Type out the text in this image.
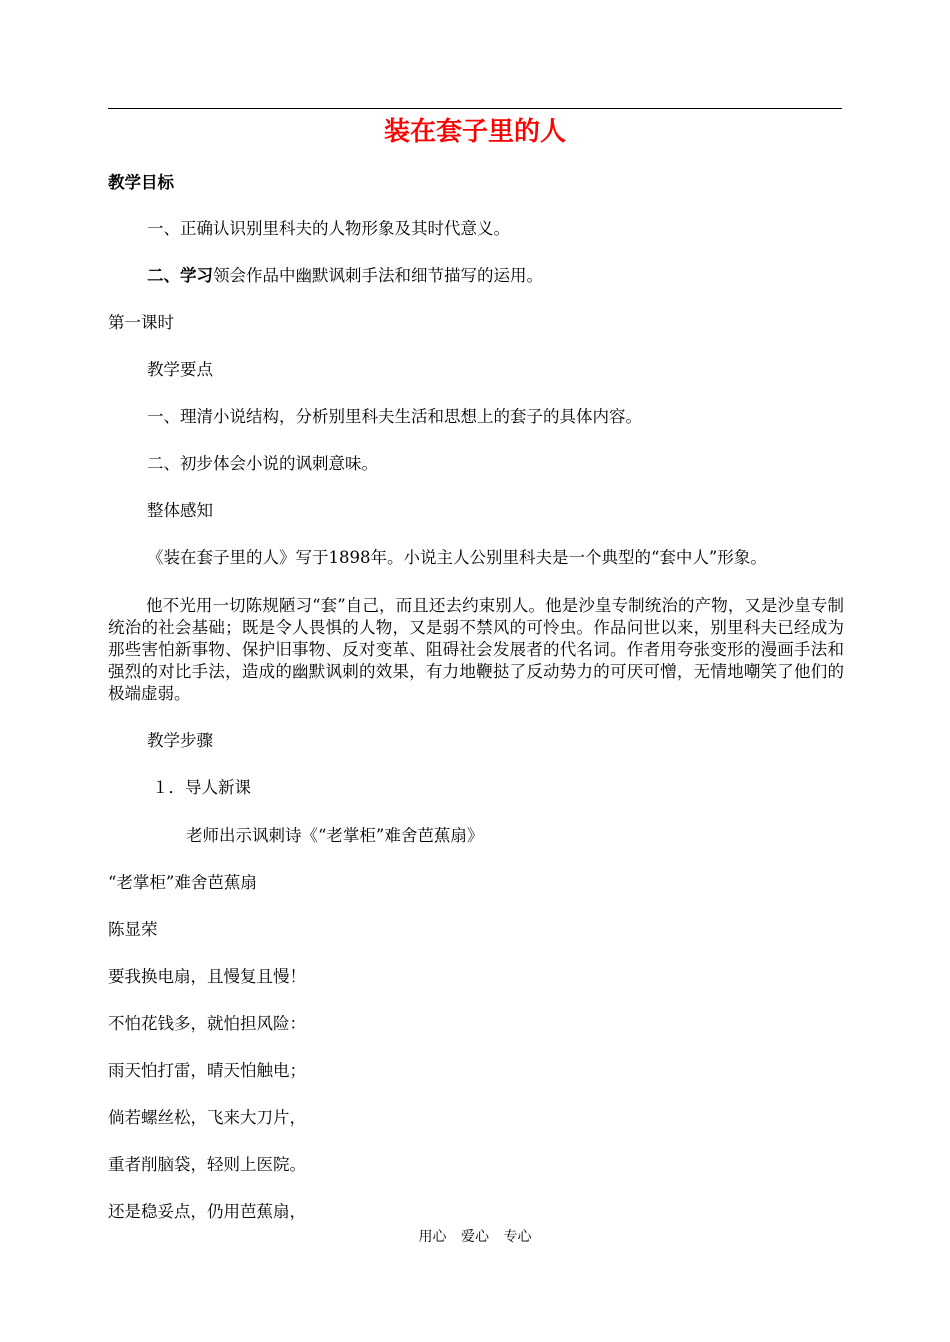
装在套子里的人
教学目标
一、正确认识别里科夫的人物形象及其时代意义。
二、学习领会作品中幽默讽刺手法和细节描写的运用。
第一课时
教学要点
一、理清小说结构，分析别里科夫生活和思想上的套子的具体内容。
二、初步体会小说的讽刺意味。
整体感知
《装在套子里的人》写于1898年。小说主人公别里科夫是一个典型的“套中人”形象。
他不光用一切陈规陋习“套”自己，而且还去约束别人。他是沙皇专制统治的产物，又是沙皇专制统治的社会基础；既是令人畏惧的人物，又是弱不禁风的可怜虫。作品问世以来，别里科夫已经成为那些害怕新事物、保护旧事物、反对变革、阻碍社会发展者的代名词。作者用夸张变形的漫画手法和强烈的对比手法，造成的幽默讽刺的效果，有力地鞭挞了反动势力的可厌可憎，无情地嘲笑了他们的极端虚弱。
教学步骤
１．导人新课
老师出示讽刺诗《“老掌柜”难舍芭蕉扇》
“老掌柜”难舍芭蕉扇
陈显荣
要我换电扇，且慢复且慢！
不怕花钱多，就怕担风险：
雨天怕打雷，晴天怕触电；
倘若螺丝松，飞来大刀片，
重者削脑袋，轻则上医院。
还是稳妥点，仍用芭蕉扇，
用心 爱心 专心
